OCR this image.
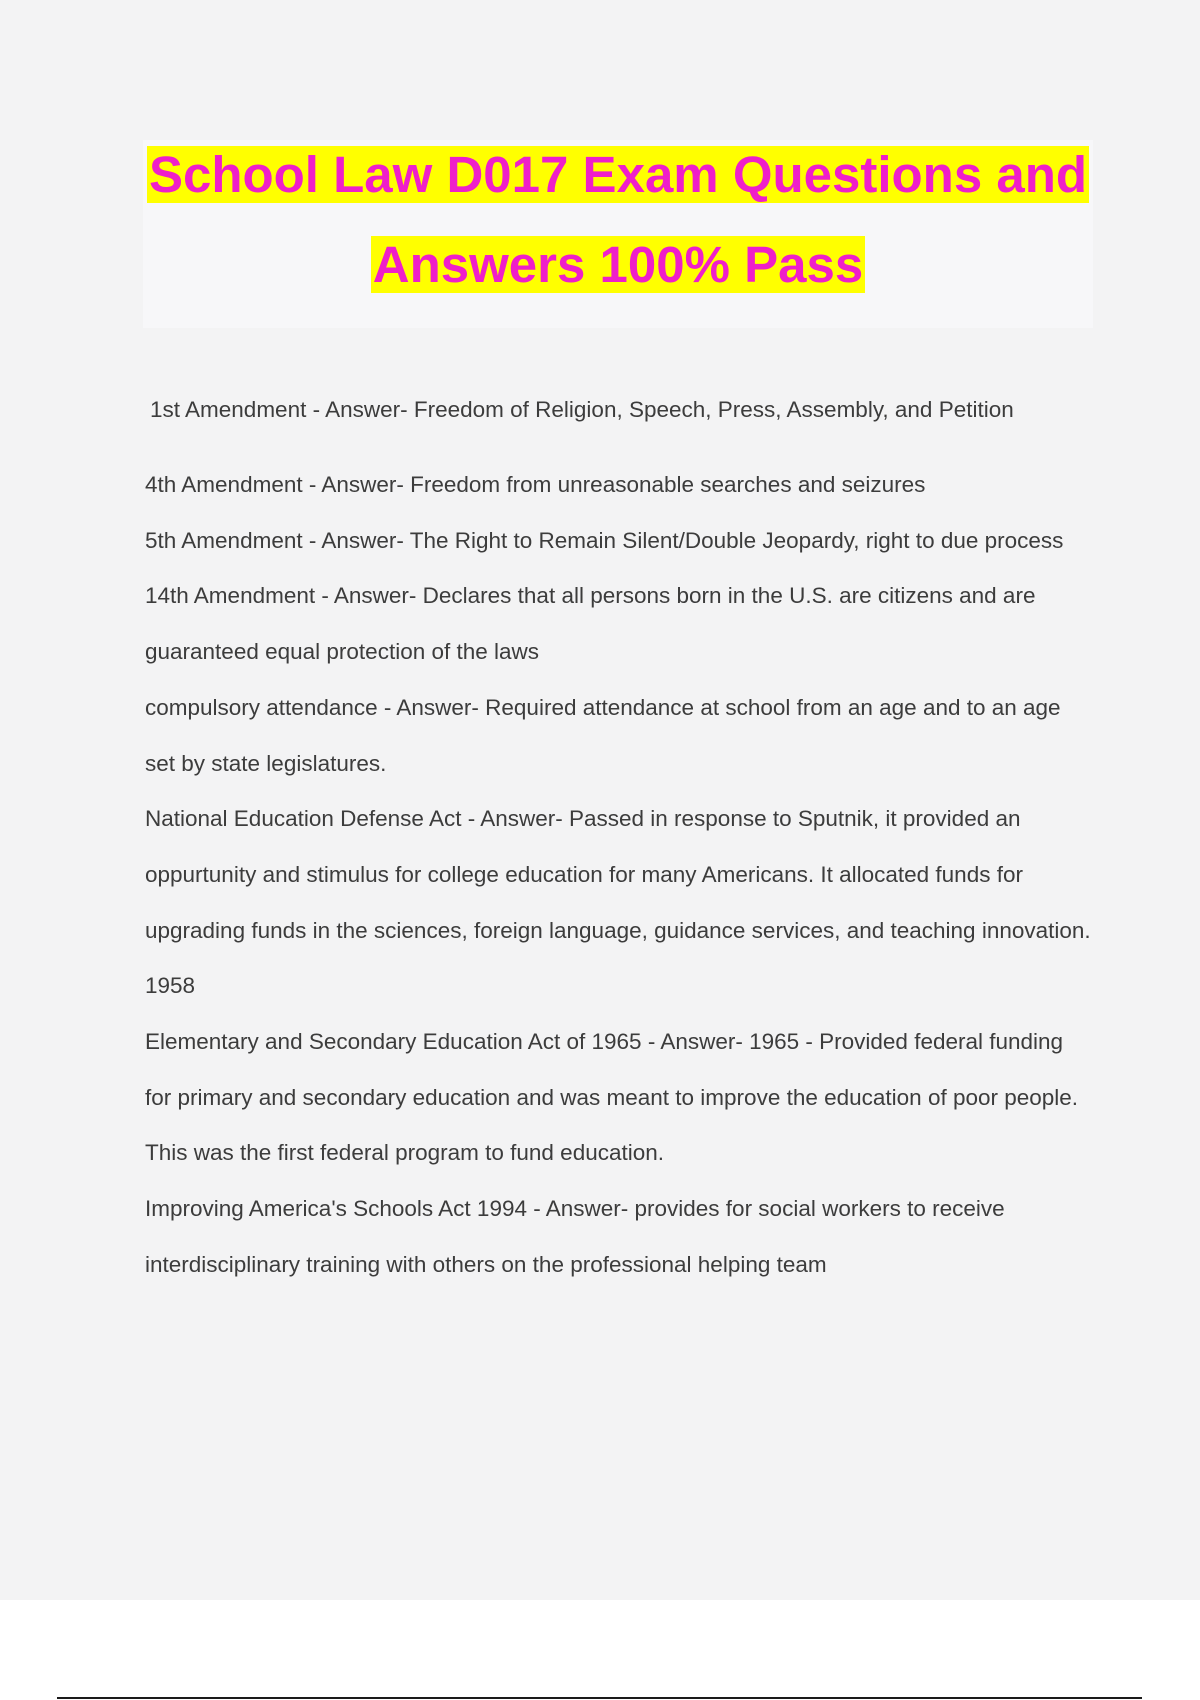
School Law D017 Exam Questions and
Answers 100% Pass
1st Amendment - Answer- Freedom of Religion, Speech, Press, Assembly, and Petition
4th Amendment - Answer- Freedom from unreasonable searches and seizures
5th Amendment - Answer- The Right to Remain Silent/Double Jeopardy, right to due process
14th Amendment - Answer- Declares that all persons born in the U.S. are citizens and are guaranteed equal protection of the laws
compulsory attendance - Answer- Required attendance at school from an age and to an age set by state legislatures.
National Education Defense Act - Answer- Passed in response to Sputnik, it provided an oppurtunity and stimulus for college education for many Americans. It allocated funds for upgrading funds in the sciences, foreign language, guidance services, and teaching innovation. 1958
Elementary and Secondary Education Act of 1965 - Answer- 1965 - Provided federal funding for primary and secondary education and was meant to improve the education of poor people. This was the first federal program to fund education.
Improving America's Schools Act 1994 - Answer- provides for social workers to receive interdisciplinary training with others on the professional helping team
